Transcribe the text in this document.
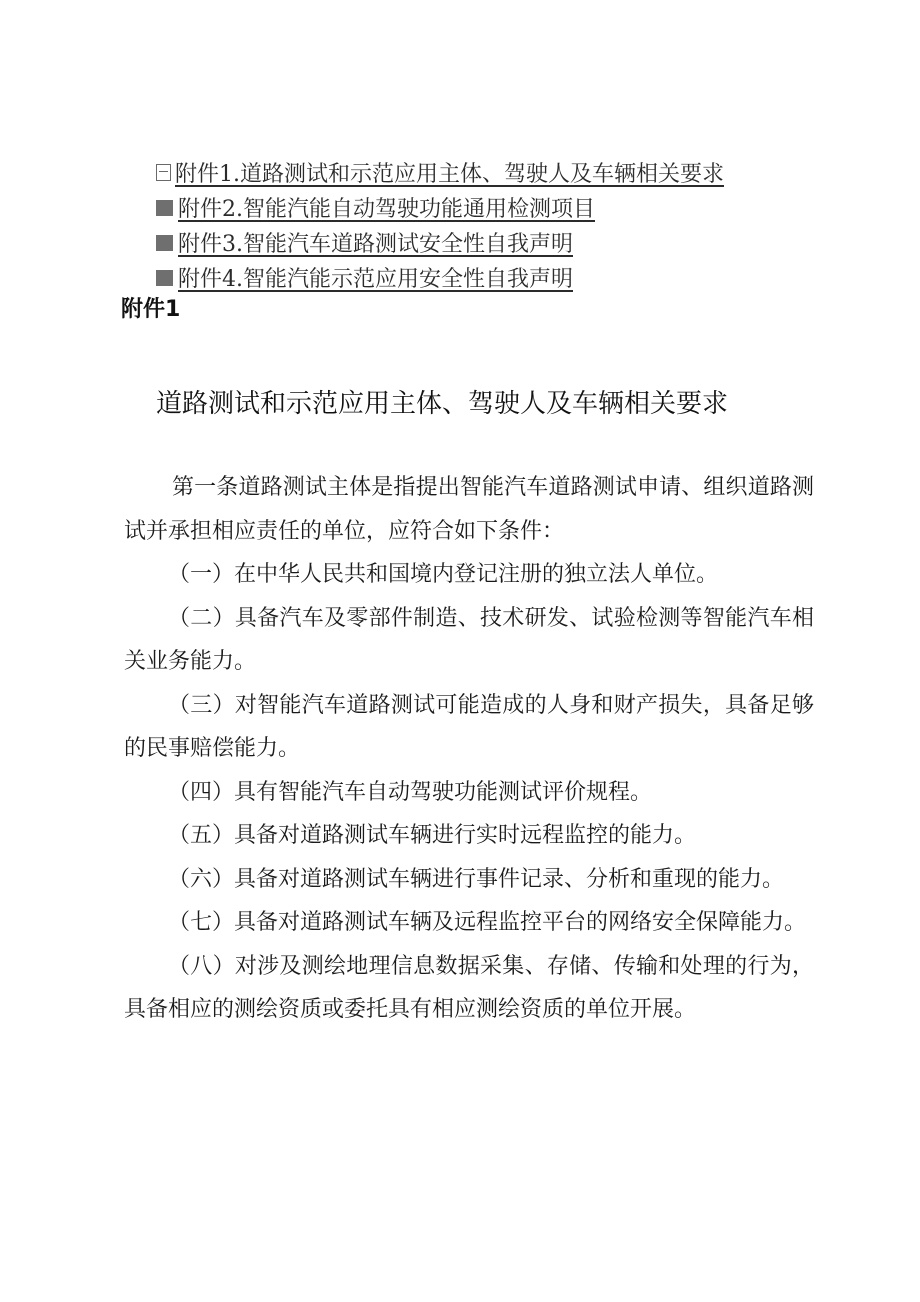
附件1.道路测试和示范应用主体、驾驶人及车辆相关要求
附件2.智能汽能自动驾驶功能通用检测项目
附件3.智能汽车道路测试安全性自我声明
附件4.智能汽能示范应用安全性自我声明
附件1
道路测试和示范应用主体、驾驶人及车辆相关要求

第一条道路测试主体是指提出智能汽车道路测试申请、组织道路测试并承担相应责任的单位，应符合如下条件：

（一）在中华人民共和国境内登记注册的独立法人单位。

（二）具备汽车及零部件制造、技术研发、试验检测等智能汽车相关业务能力。

（三）对智能汽车道路测试可能造成的人身和财产损失，具备足够的民事赔偿能力。

（四）具有智能汽车自动驾驶功能测试评价规程。

（五）具备对道路测试车辆进行实时远程监控的能力。

（六）具备对道路测试车辆进行事件记录、分析和重现的能力。

（七）具备对道路测试车辆及远程监控平台的网络安全保障能力。

（八）对涉及测绘地理信息数据采集、存储、传输和处理的行为，具备相应的测绘资质或委托具有相应测绘资质的单位开展。
